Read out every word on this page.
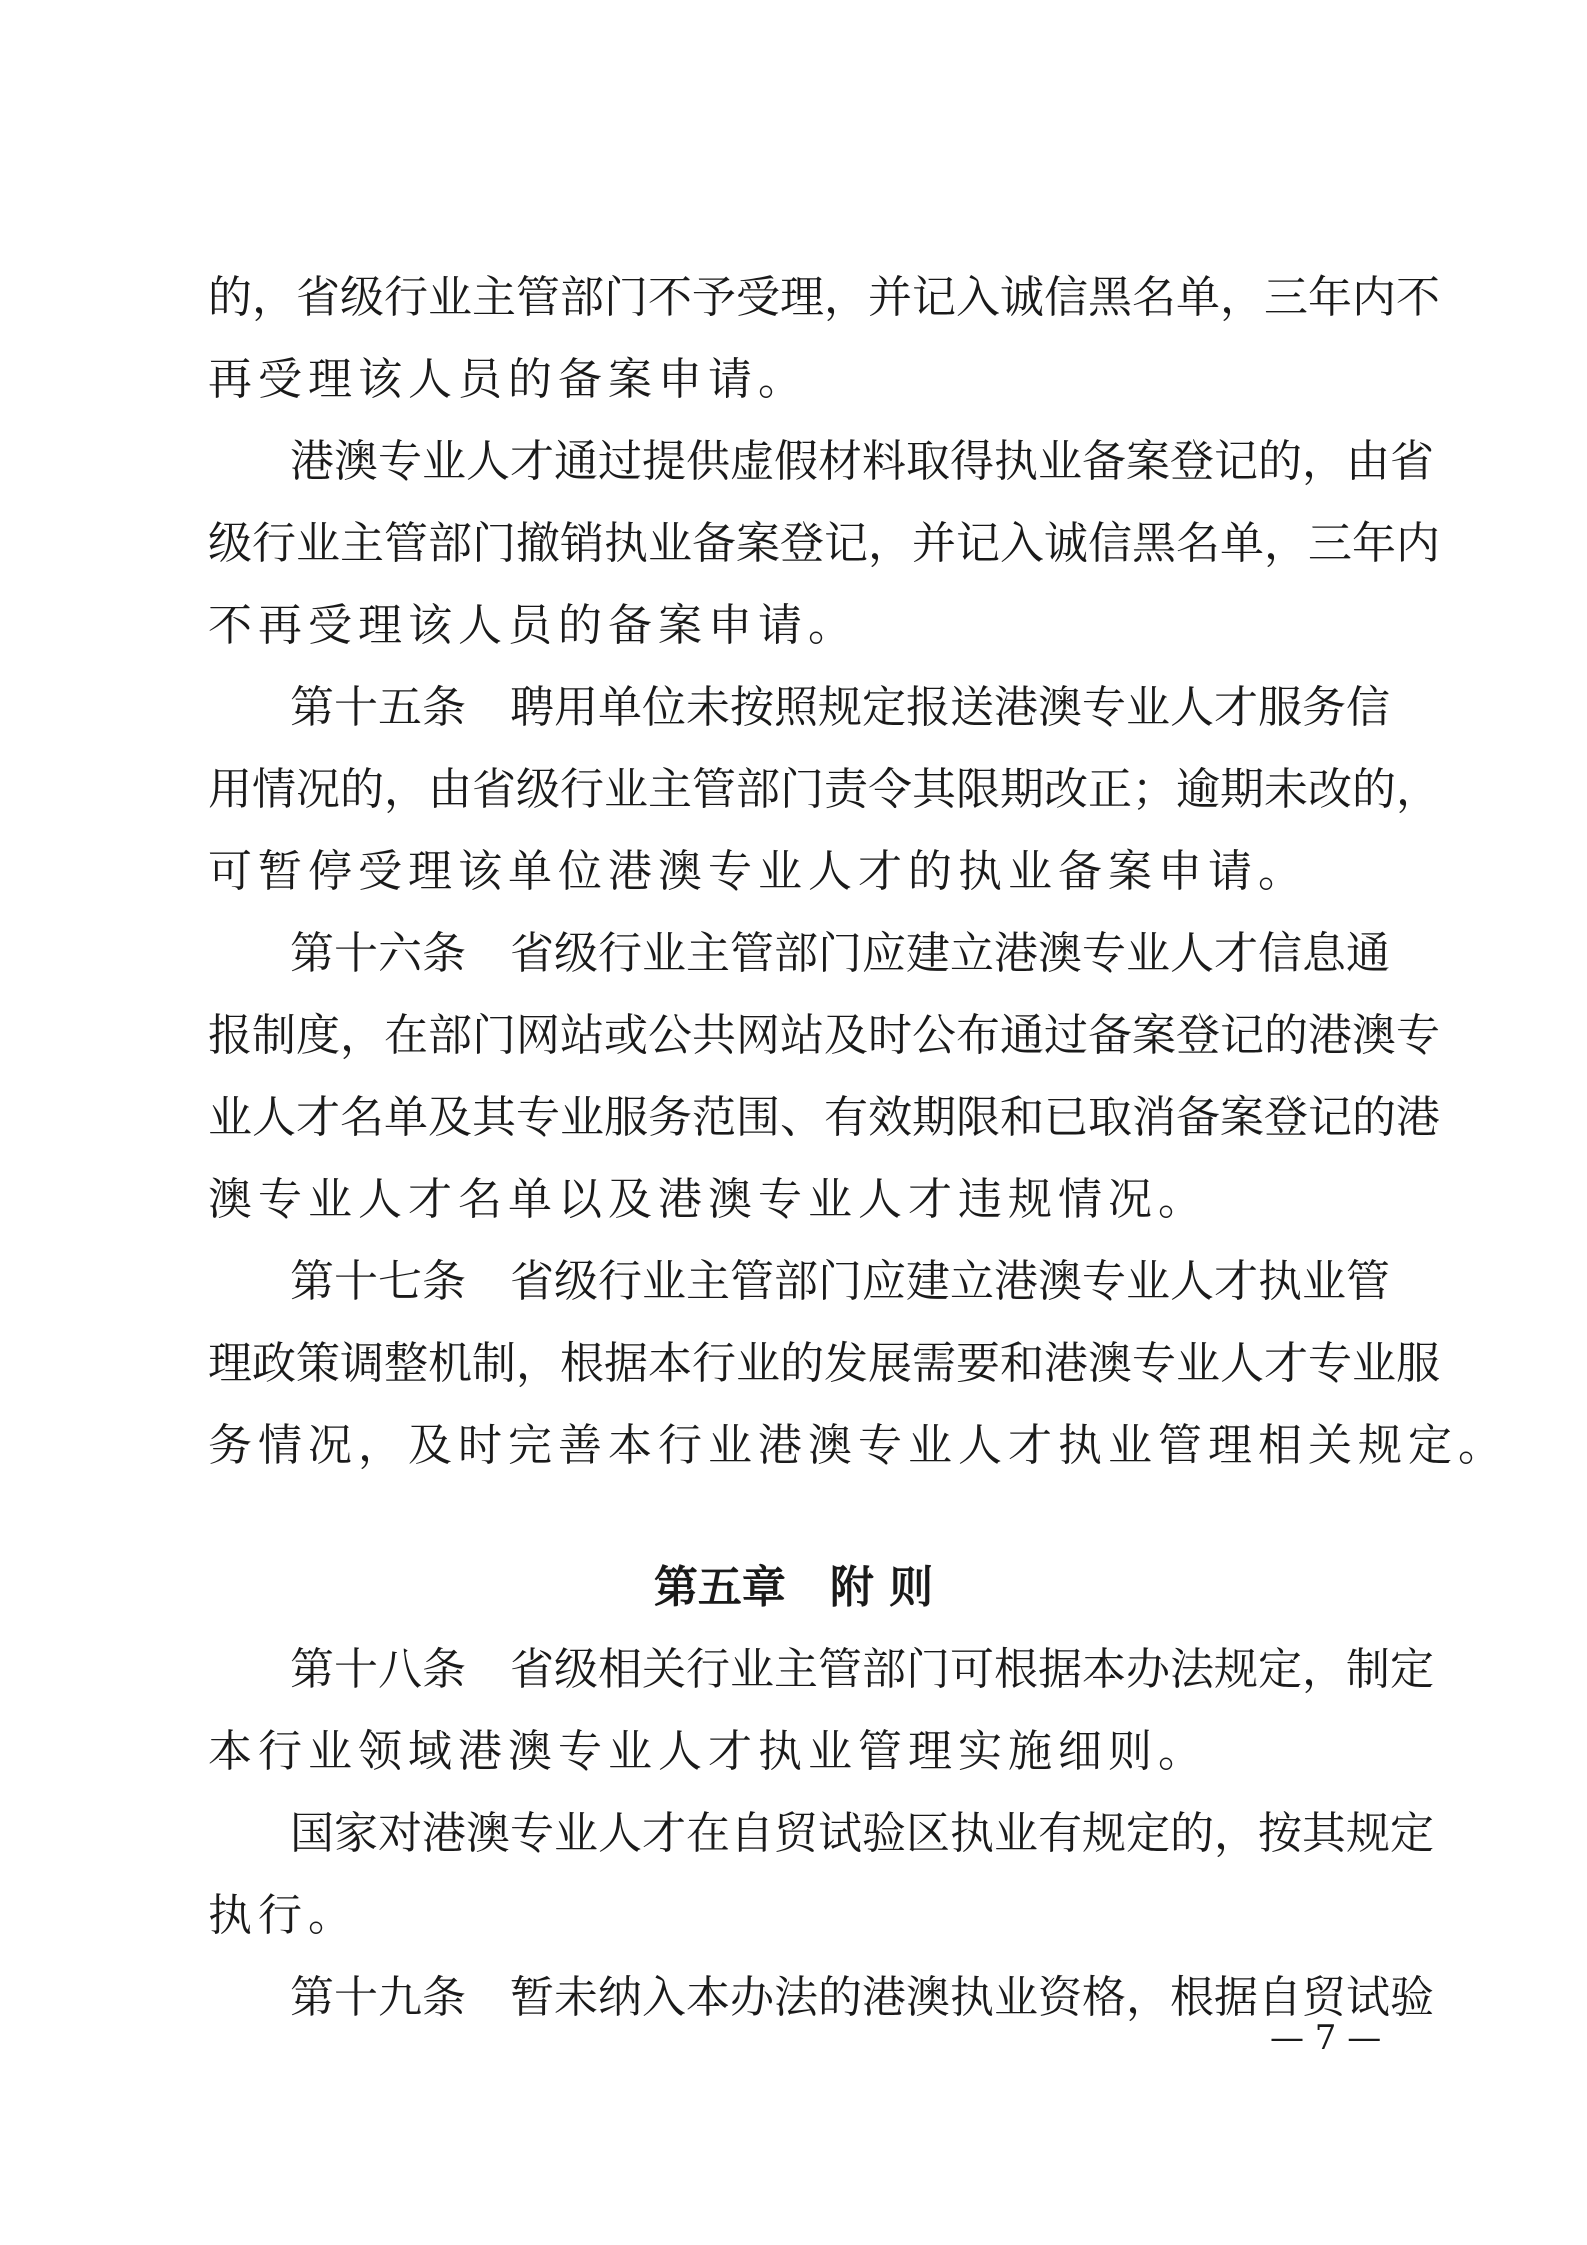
的，省级行业主管部门不予受理，并记入诚信黑名单，三年内不
再受理该人员的备案申请。
港澳专业人才通过提供虚假材料取得执业备案登记的，由省
级行业主管部门撤销执业备案登记，并记入诚信黑名单，三年内
不再受理该人员的备案申请。
第十五条　聘用单位未按照规定报送港澳专业人才服务信
用情况的，由省级行业主管部门责令其限期改正；逾期未改的，
可暂停受理该单位港澳专业人才的执业备案申请。
第十六条　省级行业主管部门应建立港澳专业人才信息通
报制度，在部门网站或公共网站及时公布通过备案登记的港澳专
业人才名单及其专业服务范围、有效期限和已取消备案登记的港
澳专业人才名单以及港澳专业人才违规情况。
第十七条　省级行业主管部门应建立港澳专业人才执业管
理政策调整机制，根据本行业的发展需要和港澳专业人才专业服
务情况，及时完善本行业港澳专业人才执业管理相关规定。
第五章　附 则
第十八条　省级相关行业主管部门可根据本办法规定，制定
本行业领域港澳专业人才执业管理实施细则。
国家对港澳专业人才在自贸试验区执业有规定的，按其规定
执行。
第十九条　暂未纳入本办法的港澳执业资格，根据自贸试验
— 7 —
